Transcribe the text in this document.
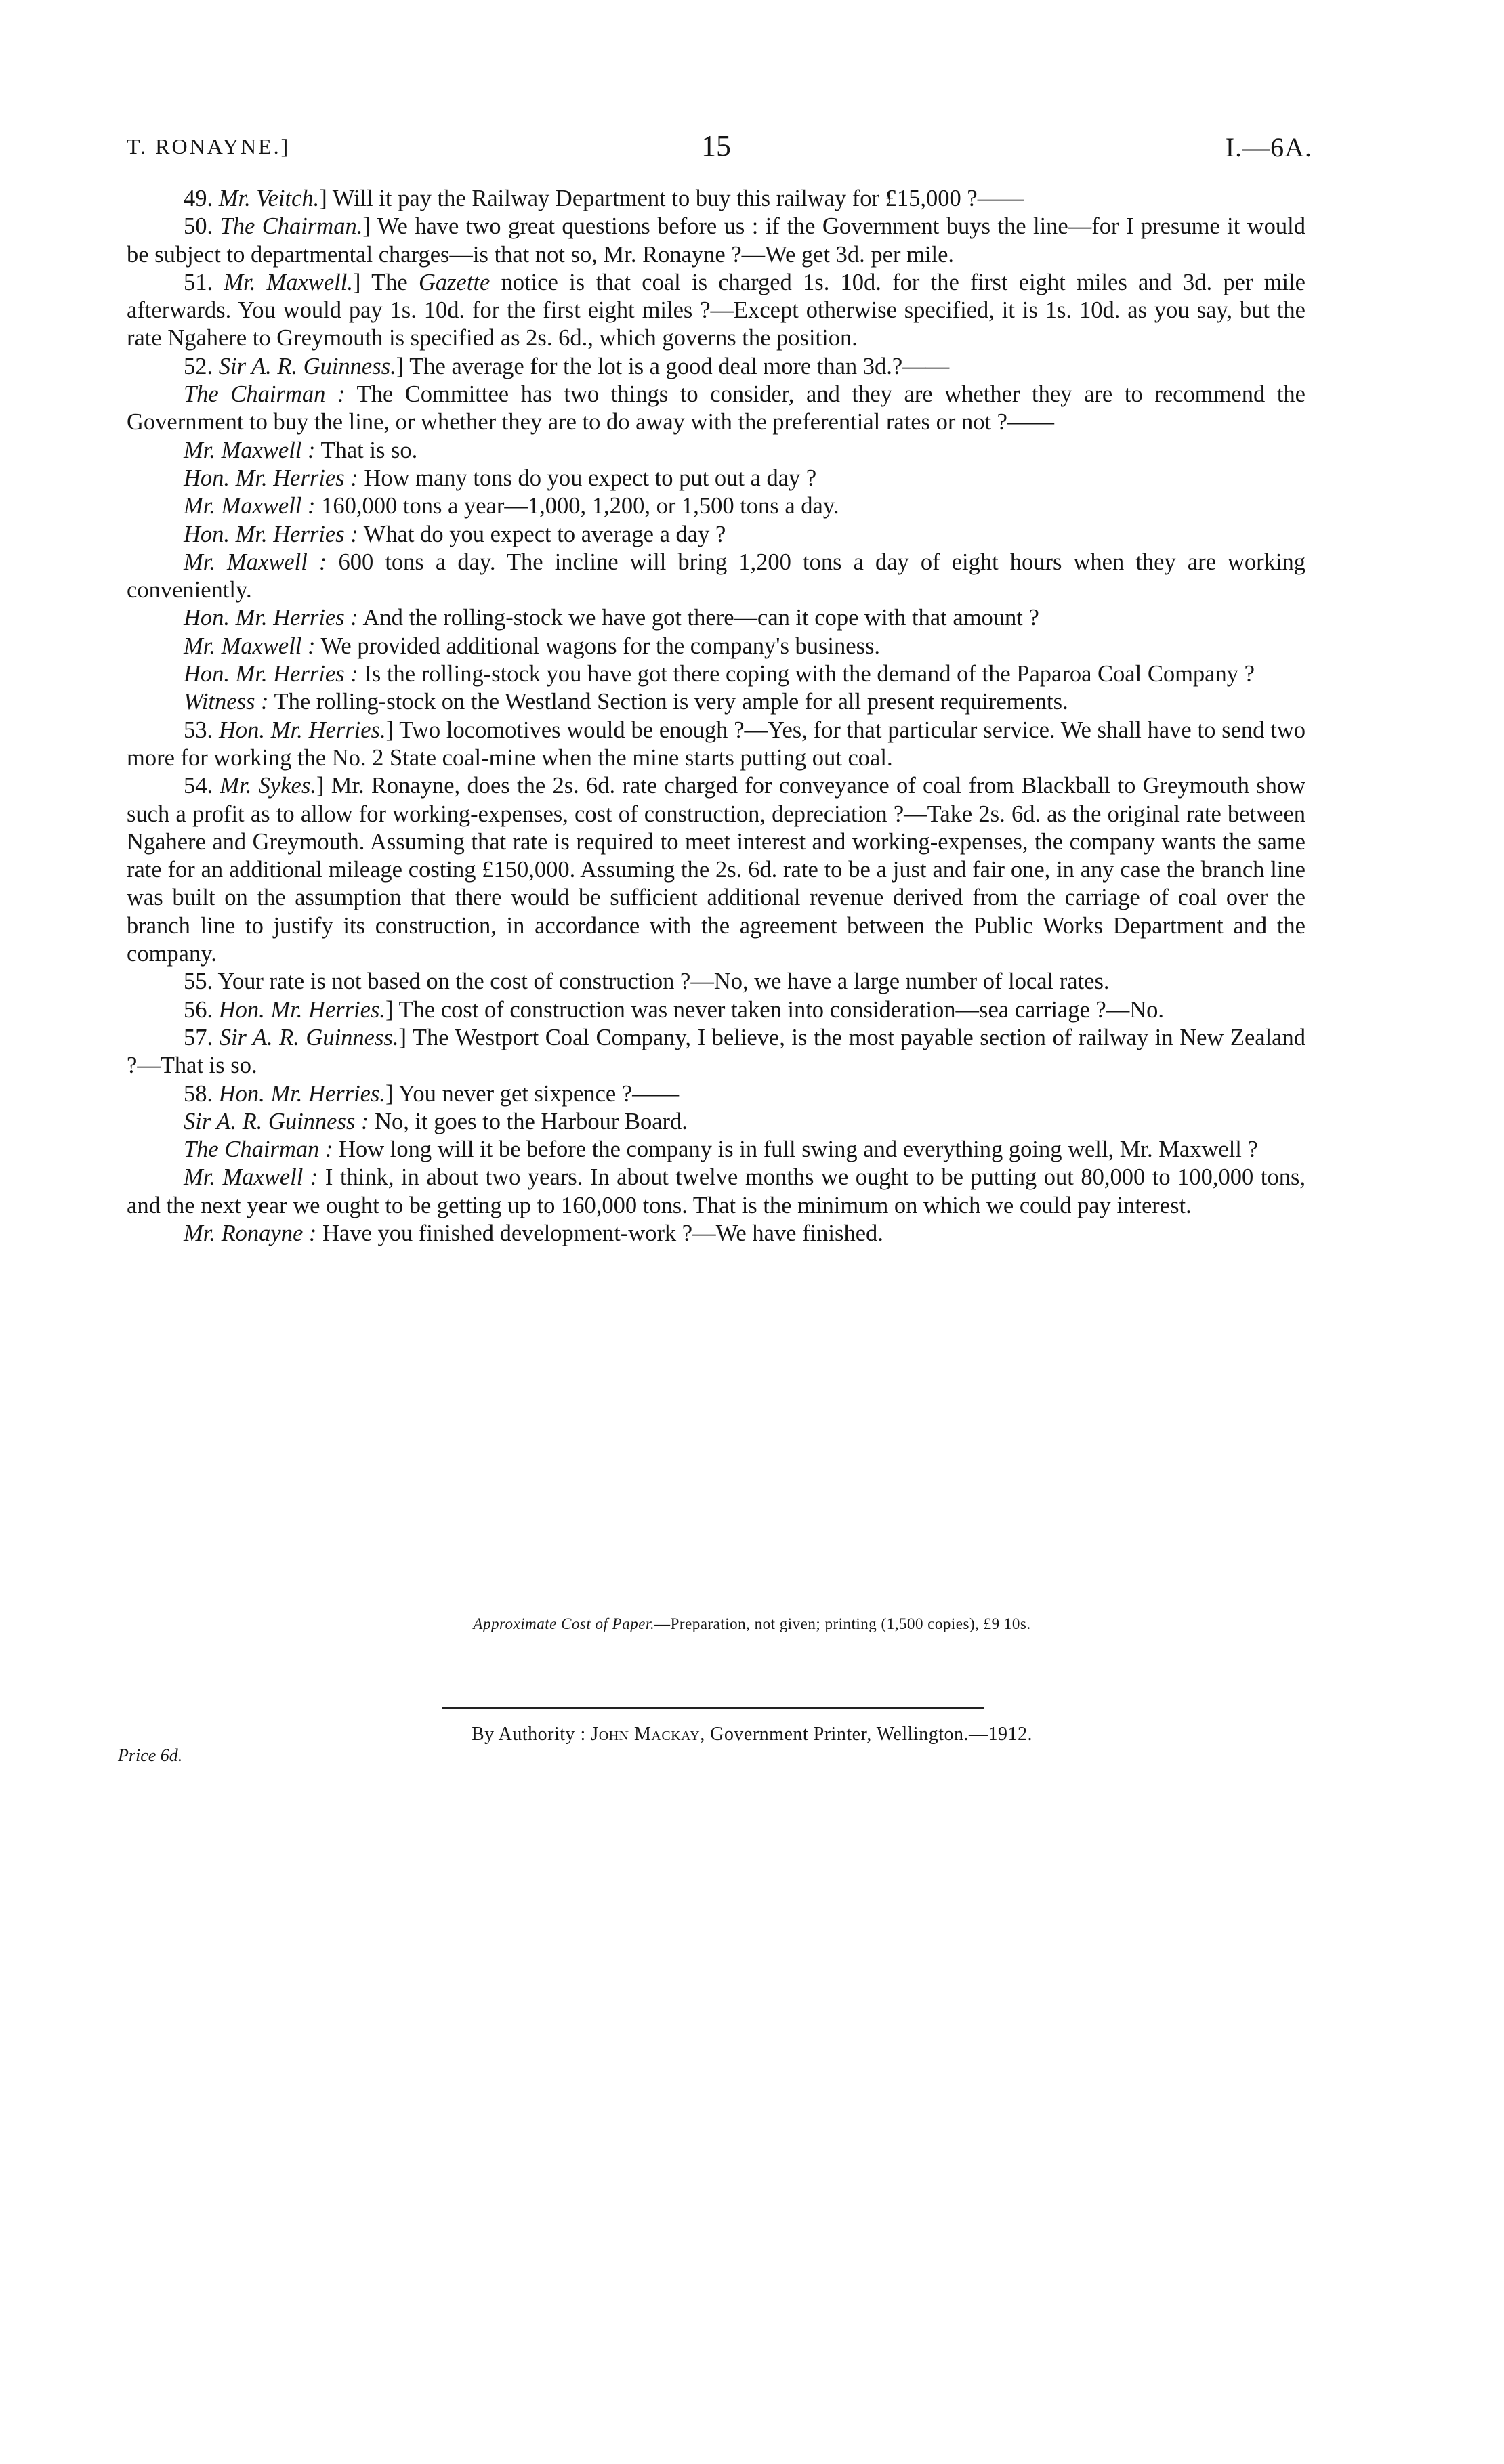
T. RONAYNE.]	15	I.—6A.

49. Mr. Veitch.] Will it pay the Railway Department to buy this railway for £15,000 ?——

50. The Chairman.] We have two great questions before us : if the Government buys the line—for I presume it would be subject to departmental charges—is that not so, Mr. Ronayne ?—We get 3d. per mile.

51. Mr. Maxwell.] The Gazette notice is that coal is charged 1s. 10d. for the first eight miles and 3d. per mile afterwards. You would pay 1s. 10d. for the first eight miles ?—Except otherwise specified, it is 1s. 10d. as you say, but the rate Ngahere to Greymouth is specified as 2s. 6d., which governs the position.

52. Sir A. R. Guinness.] The average for the lot is a good deal more than 3d.?——

The Chairman : The Committee has two things to consider, and they are whether they are to recommend the Government to buy the line, or whether they are to do away with the preferential rates or not ?——

Mr. Maxwell : That is so.

Hon. Mr. Herries : How many tons do you expect to put out a day ?

Mr. Maxwell : 160,000 tons a year—1,000, 1,200, or 1,500 tons a day.

Hon. Mr. Herries : What do you expect to average a day ?

Mr. Maxwell : 600 tons a day. The incline will bring 1,200 tons a day of eight hours when they are working conveniently.

Hon. Mr. Herries : And the rolling-stock we have got there—can it cope with that amount ?

Mr. Maxwell : We provided additional wagons for the company's business.

Hon. Mr. Herries : Is the rolling-stock you have got there coping with the demand of the Paparoa Coal Company ?

Witness : The rolling-stock on the Westland Section is very ample for all present requirements.

53. Hon. Mr. Herries.] Two locomotives would be enough ?—Yes, for that particular service. We shall have to send two more for working the No. 2 State coal-mine when the mine starts putting out coal.

54. Mr. Sykes.] Mr. Ronayne, does the 2s. 6d. rate charged for conveyance of coal from Blackball to Greymouth show such a profit as to allow for working-expenses, cost of construction, depreciation ?—Take 2s. 6d. as the original rate between Ngahere and Greymouth. Assuming that rate is required to meet interest and working-expenses, the company wants the same rate for an additional mileage costing £150,000. Assuming the 2s. 6d. rate to be a just and fair one, in any case the branch line was built on the assumption that there would be sufficient additional revenue derived from the carriage of coal over the branch line to justify its construction, in accordance with the agreement between the Public Works Department and the company.

55. Your rate is not based on the cost of construction ?—No, we have a large number of local rates.

56. Hon. Mr. Herries.] The cost of construction was never taken into consideration—sea carriage ?—No.

57. Sir A. R. Guinness.] The Westport Coal Company, I believe, is the most payable section of railway in New Zealand ?—That is so.

58. Hon. Mr. Herries.] You never get sixpence ?——

Sir A. R. Guinness : No, it goes to the Harbour Board.

The Chairman : How long will it be before the company is in full swing and everything going well, Mr. Maxwell ?

Mr. Maxwell : I think, in about two years. In about twelve months we ought to be putting out 80,000 to 100,000 tons, and the next year we ought to be getting up to 160,000 tons. That is the minimum on which we could pay interest.

Mr. Ronayne : Have you finished development-work ?—We have finished.

Approximate Cost of Paper.—Preparation, not given; printing (1,500 copies), £9 10s.
By Authority : John Mackay, Government Printer, Wellington.—1912.
Price 6d.
